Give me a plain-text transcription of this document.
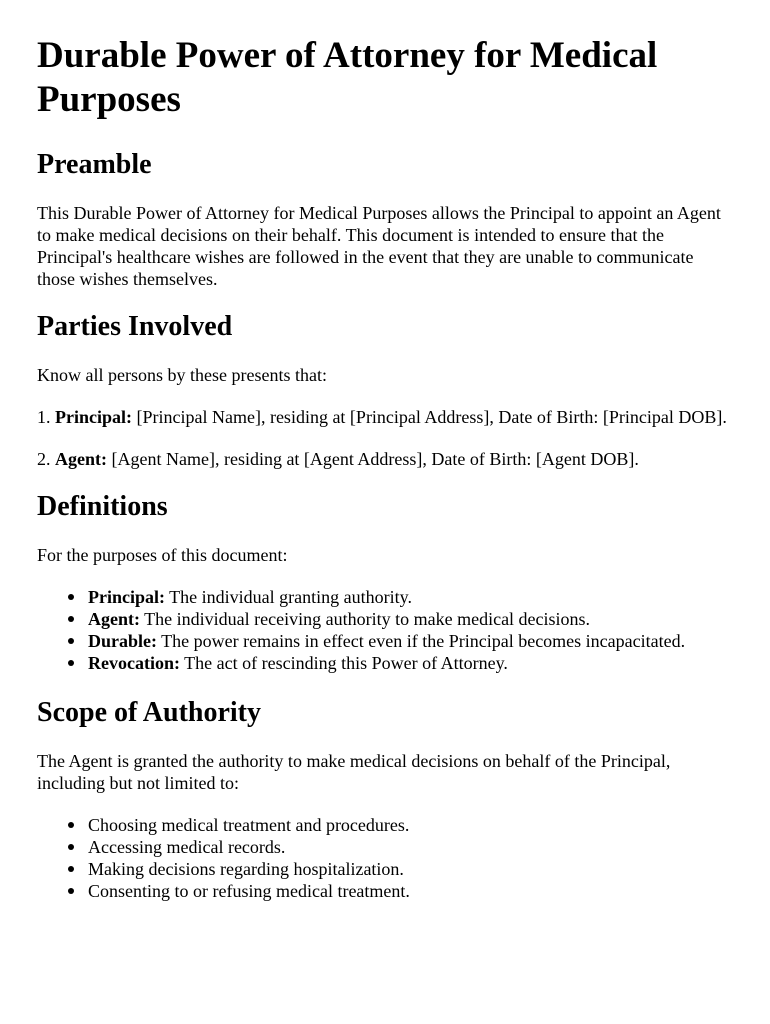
Durable Power of Attorney for Medical Purposes
Preamble

This Durable Power of Attorney for Medical Purposes allows the Principal to appoint an Agent to make medical decisions on their behalf. This document is intended to ensure that the Principal's healthcare wishes are followed in the event that they are unable to communicate those wishes themselves.

Parties Involved

Know all persons by these presents that:

1. Principal: [Principal Name], residing at [Principal Address], Date of Birth: [Principal DOB].

2. Agent: [Agent Name], residing at [Agent Address], Date of Birth: [Agent DOB].

Definitions

For the purposes of this document:

Principal: The individual granting authority.
Agent: The individual receiving authority to make medical decisions.
Durable: The power remains in effect even if the Principal becomes incapacitated.
Revocation: The act of rescinding this Power of Attorney.
Scope of Authority

The Agent is granted the authority to make medical decisions on behalf of the Principal, including but not limited to:

Choosing medical treatment and procedures.
Accessing medical records.
Making decisions regarding hospitalization.
Consenting to or refusing medical treatment.
